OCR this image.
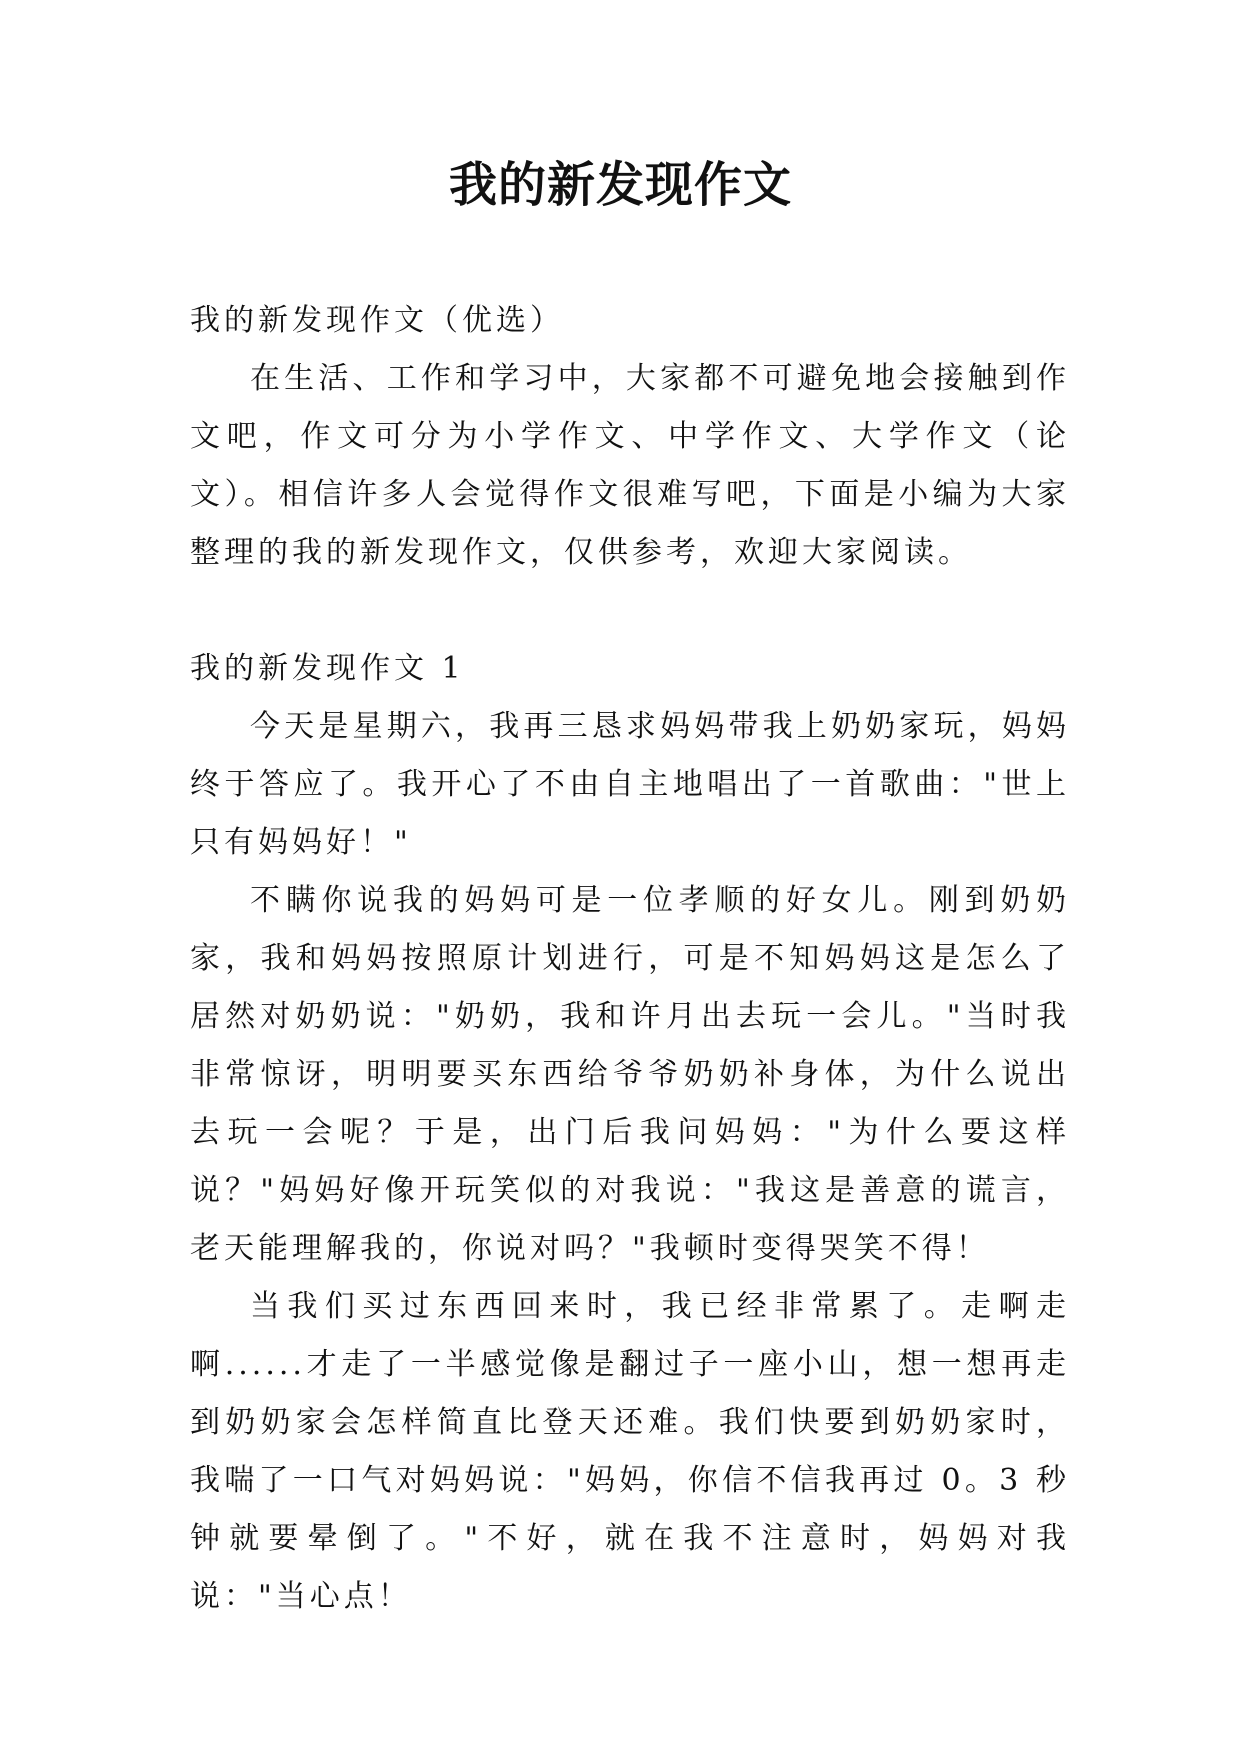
我的新发现作文

我的新发现作文（优选）

在生活、工作和学习中，大家都不可避免地会接触到作文吧，作文可分为小学作文、中学作文、大学作文（论文）。相信许多人会觉得作文很难写吧，下面是小编为大家整理的我的新发现作文，仅供参考，欢迎大家阅读。

我的新发现作文 1

今天是星期六，我再三恳求妈妈带我上奶奶家玩，妈妈终于答应了。我开心了不由自主地唱出了一首歌曲："世上只有妈妈好！"

不瞒你说我的妈妈可是一位孝顺的好女儿。刚到奶奶家，我和妈妈按照原计划进行，可是不知妈妈这是怎么了居然对奶奶说："奶奶，我和许月出去玩一会儿。"当时我非常惊讶，明明要买东西给爷爷奶奶补身体，为什么说出去玩一会呢？于是，出门后我问妈妈："为什么要这样说？"妈妈好像开玩笑似的对我说："我这是善意的谎言，老天能理解我的，你说对吗？"我顿时变得哭笑不得！

当我们买过东西回来时，我已经非常累了。走啊走啊......才走了一半感觉像是翻过子一座小山，想一想再走到奶奶家会怎样简直比登天还难。我们快要到奶奶家时，我喘了一口气对妈妈说："妈妈，你信不信我再过 0。3 秒钟就要晕倒了。"不好，就在我不注意时，妈妈对我说："当心点！
